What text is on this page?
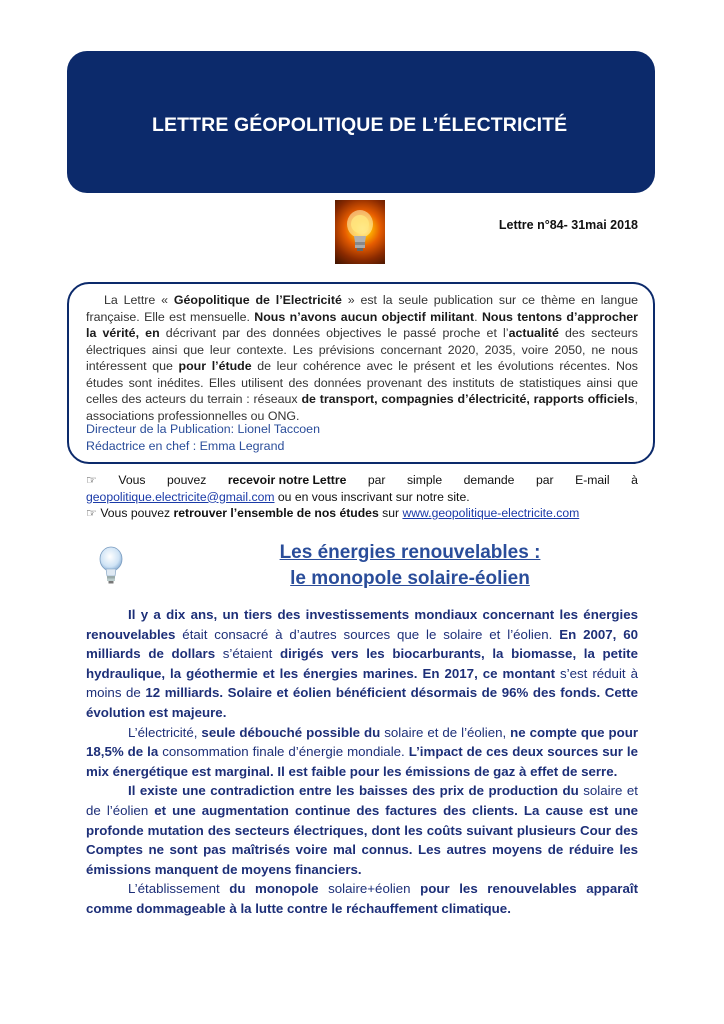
LETTRE GÉOPOLITIQUE DE L’ÉLECTRICITÉ
Lettre n°84- 31mai 2018

La Lettre « Géopolitique de l’Electricité » est la seule publication sur ce thème en langue française. Elle est mensuelle. Nous n’avons aucun objectif militant. Nous tentons d’approcher la vérité, en décrivant par des données objectives le passé proche et l’actualité des secteurs électriques ainsi que leur contexte. Les prévisions concernant 2020, 2035, voire 2050, ne nous intéressent que pour l’étude de leur cohérence avec le présent et les évolutions récentes. Nos études sont inédites. Elles utilisent des données provenant des instituts de statistiques ainsi que celles des acteurs du terrain : réseaux de transport, compagnies d’électricité, rapports officiels, associations professionnelles ou ONG.

Directeur de la Publication: Lionel Taccoen
Rédactrice en chef : Emma Legrand
☞ Vous pouvez recevoir notre Lettre par simple demande par E-mail à
geopolitique.electricite@gmail.com ou en vous inscrivant sur notre site.
☞ Vous pouvez retrouver l’ensemble de nos études sur www.geopolitique-electricite.com
Les énergies renouvelables :
le monopole solaire-éolien

Il y a dix ans, un tiers des investissements mondiaux concernant les énergies renouvelables était consacré à d’autres sources que le solaire et l’éolien. En 2007, 60 milliards de dollars s’étaient dirigés vers les biocarburants, la biomasse, la petite hydraulique, la géothermie et les énergies marines. En 2017, ce montant s’est réduit à moins de 12 milliards. Solaire et éolien bénéficient désormais de 96% des fonds. Cette évolution est majeure.

L’électricité, seule débouché possible du solaire et de l’éolien, ne compte que pour 18,5% de la consommation finale d’énergie mondiale. L’impact de ces deux sources sur le mix énergétique est marginal. Il est faible pour les émissions de gaz à effet de serre.

Il existe une contradiction entre les baisses des prix de production du solaire et de l’éolien et une augmentation continue des factures des clients. La cause est une profonde mutation des secteurs électriques, dont les coûts suivant plusieurs Cour des Comptes ne sont pas maîtrisés voire mal connus. Les autres moyens de réduire les émissions manquent de moyens financiers.

L’établissement du monopole solaire+éolien pour les renouvelables apparaît comme dommageable à la lutte contre le réchauffement climatique.
